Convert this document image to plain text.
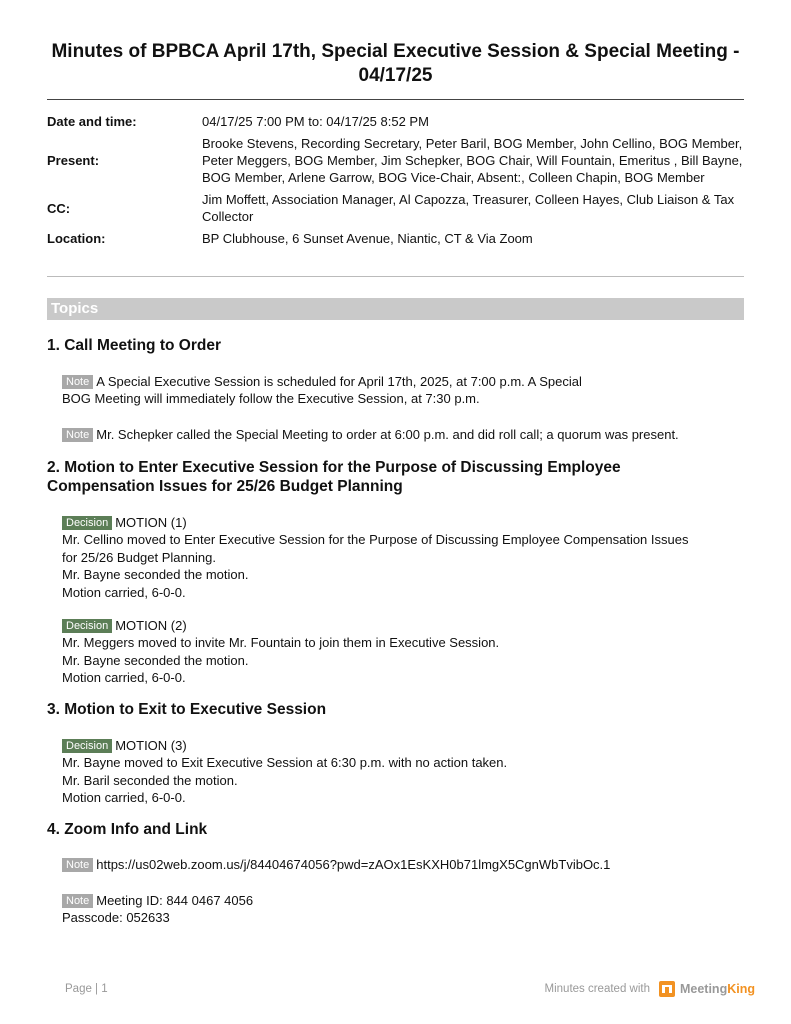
Minutes of BPBCA April 17th, Special Executive Session & Special Meeting -
04/17/25
Date and time:	04/17/25 7:00 PM to: 04/17/25 8:52 PM
Present:
Brooke Stevens, Recording Secretary, Peter Baril, BOG Member, John Cellino, BOG Member, Peter Meggers, BOG Member, Jim Schepker, BOG Chair, Will Fountain, Emeritus , Bill Bayne, BOG Member, Arlene Garrow, BOG Vice-Chair, Absent:, Colleen Chapin, BOG Member
CC:
Jim Moffett, Association Manager, Al Capozza, Treasurer, Colleen Hayes, Club Liaison & Tax Collector
Location:	BP Clubhouse, 6 Sunset Avenue, Niantic, CT & Via Zoom
Topics
1. Call Meeting to Order
Note A Special Executive Session is scheduled for April 17th, 2025, at 7:00 p.m. A Special
BOG Meeting will immediately follow the Executive Session, at 7:30 p.m.
Note Mr. Schepker called the Special Meeting to order at 6:00 p.m. and did roll call; a quorum was present.
2. Motion to Enter Executive Session for the Purpose of Discussing Employee
Compensation Issues for 25/26 Budget Planning
Decision MOTION (1)
Mr. Cellino moved to Enter Executive Session for the Purpose of Discussing Employee Compensation Issues
for 25/26 Budget Planning.
Mr. Bayne seconded the motion.
Motion carried, 6-0-0.
Decision MOTION (2)
Mr. Meggers moved to invite Mr. Fountain to join them in Executive Session.
Mr. Bayne seconded the motion.
Motion carried, 6-0-0.
3. Motion to Exit to Executive Session
Decision MOTION (3)
Mr. Bayne moved to Exit Executive Session at 6:30 p.m. with no action taken.
Mr. Baril seconded the motion.
Motion carried, 6-0-0.
4. Zoom Info and Link
Note https://us02web.zoom.us/j/84404674056?pwd=zAOx1EsKXH0b71lmgX5CgnWbTvibOc.1
Note Meeting ID: 844 0467 4056
Passcode: 052633
Page | 1	Minutes created with MeetingKing
